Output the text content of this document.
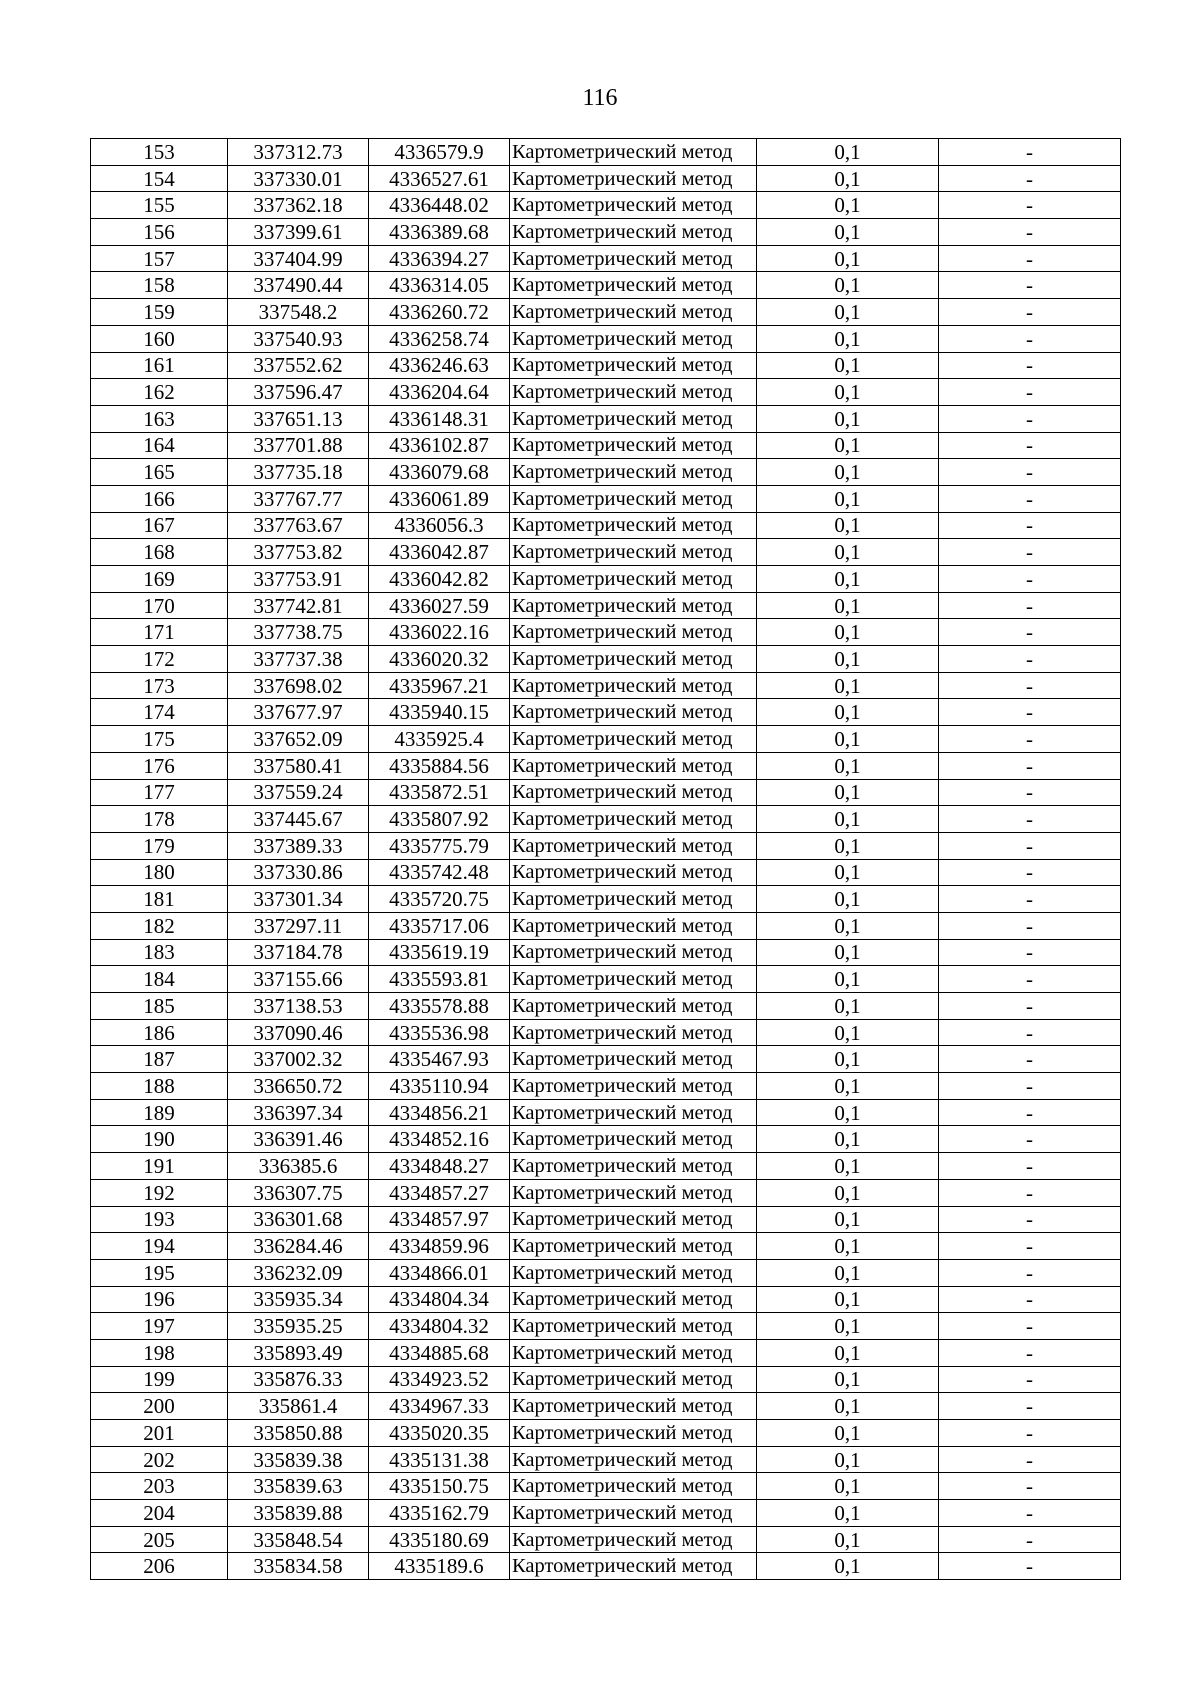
116
153	337312.73	4336579.9	Картометрический метод	0,1	-
154	337330.01	4336527.61	Картометрический метод	0,1	-
155	337362.18	4336448.02	Картометрический метод	0,1	-
156	337399.61	4336389.68	Картометрический метод	0,1	-
157	337404.99	4336394.27	Картометрический метод	0,1	-
158	337490.44	4336314.05	Картометрический метод	0,1	-
159	337548.2	4336260.72	Картометрический метод	0,1	-
160	337540.93	4336258.74	Картометрический метод	0,1	-
161	337552.62	4336246.63	Картометрический метод	0,1	-
162	337596.47	4336204.64	Картометрический метод	0,1	-
163	337651.13	4336148.31	Картометрический метод	0,1	-
164	337701.88	4336102.87	Картометрический метод	0,1	-
165	337735.18	4336079.68	Картометрический метод	0,1	-
166	337767.77	4336061.89	Картометрический метод	0,1	-
167	337763.67	4336056.3	Картометрический метод	0,1	-
168	337753.82	4336042.87	Картометрический метод	0,1	-
169	337753.91	4336042.82	Картометрический метод	0,1	-
170	337742.81	4336027.59	Картометрический метод	0,1	-
171	337738.75	4336022.16	Картометрический метод	0,1	-
172	337737.38	4336020.32	Картометрический метод	0,1	-
173	337698.02	4335967.21	Картометрический метод	0,1	-
174	337677.97	4335940.15	Картометрический метод	0,1	-
175	337652.09	4335925.4	Картометрический метод	0,1	-
176	337580.41	4335884.56	Картометрический метод	0,1	-
177	337559.24	4335872.51	Картометрический метод	0,1	-
178	337445.67	4335807.92	Картометрический метод	0,1	-
179	337389.33	4335775.79	Картометрический метод	0,1	-
180	337330.86	4335742.48	Картометрический метод	0,1	-
181	337301.34	4335720.75	Картометрический метод	0,1	-
182	337297.11	4335717.06	Картометрический метод	0,1	-
183	337184.78	4335619.19	Картометрический метод	0,1	-
184	337155.66	4335593.81	Картометрический метод	0,1	-
185	337138.53	4335578.88	Картометрический метод	0,1	-
186	337090.46	4335536.98	Картометрический метод	0,1	-
187	337002.32	4335467.93	Картометрический метод	0,1	-
188	336650.72	4335110.94	Картометрический метод	0,1	-
189	336397.34	4334856.21	Картометрический метод	0,1	-
190	336391.46	4334852.16	Картометрический метод	0,1	-
191	336385.6	4334848.27	Картометрический метод	0,1	-
192	336307.75	4334857.27	Картометрический метод	0,1	-
193	336301.68	4334857.97	Картометрический метод	0,1	-
194	336284.46	4334859.96	Картометрический метод	0,1	-
195	336232.09	4334866.01	Картометрический метод	0,1	-
196	335935.34	4334804.34	Картометрический метод	0,1	-
197	335935.25	4334804.32	Картометрический метод	0,1	-
198	335893.49	4334885.68	Картометрический метод	0,1	-
199	335876.33	4334923.52	Картометрический метод	0,1	-
200	335861.4	4334967.33	Картометрический метод	0,1	-
201	335850.88	4335020.35	Картометрический метод	0,1	-
202	335839.38	4335131.38	Картометрический метод	0,1	-
203	335839.63	4335150.75	Картометрический метод	0,1	-
204	335839.88	4335162.79	Картометрический метод	0,1	-
205	335848.54	4335180.69	Картометрический метод	0,1	-
206	335834.58	4335189.6	Картометрический метод	0,1	-
